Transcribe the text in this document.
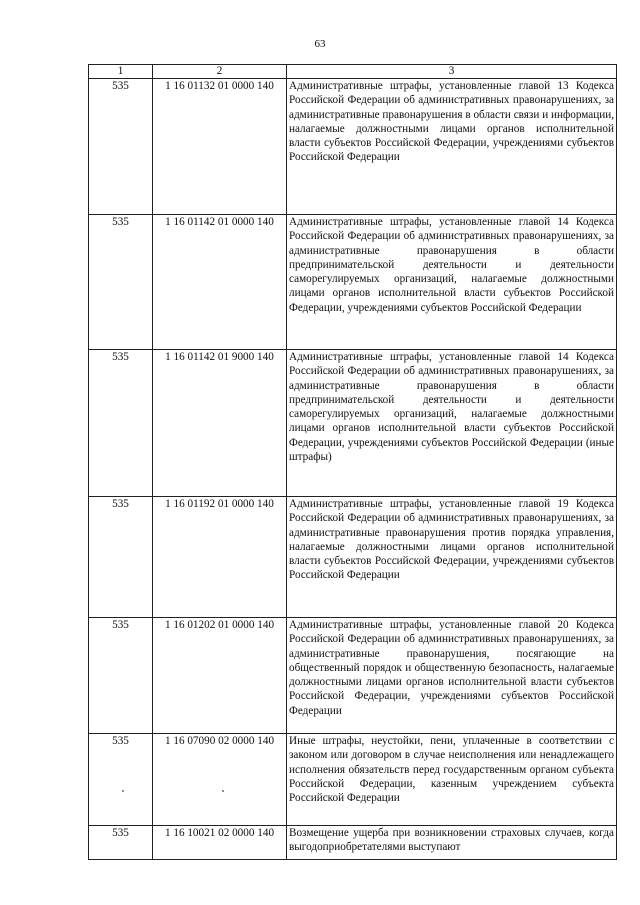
63
1	2	3
535	1 16 01132 01 0000 140	Административные штрафы, установленные главой 13 Кодекса Российской Федерации об административных правонарушениях, за административные правонарушения в области связи и информации, налагаемые должностными лицами органов исполнительной власти субъектов Российской Федерации, учреждениями субъектов Российской Федерации
535	1 16 01142 01 0000 140	Административные штрафы, установленные главой 14 Кодекса Российской Федерации об административных правонарушениях, за административные правонарушения в области предпринимательской деятельности и деятельности саморегулируемых организаций, налагаемые должностными лицами органов исполнительной власти субъектов Российской Федерации, учреждениями субъектов Российской Федерации
535	1 16 01142 01 9000 140	Административные штрафы, установленные главой 14 Кодекса Российской Федерации об административных правонарушениях, за административные правонарушения в области предпринимательской деятельности и деятельности саморегулируемых организаций, налагаемые должностными лицами органов исполнительной власти субъектов Российской Федерации, учреждениями субъектов Российской Федерации (иные штрафы)
535	1 16 01192 01 0000 140	Административные штрафы, установленные главой 19 Кодекса Российской Федерации об административных правонарушениях, за административные правонарушения против порядка управления, налагаемые должностными лицами органов исполнительной власти субъектов Российской Федерации, учреждениями субъектов Российской Федерации
535	1 16 01202 01 0000 140	Административные штрафы, установленные главой 20 Кодекса Российской Федерации об административных правонарушениях, за административные правонарушения, посягающие на общественный порядок и общественную безопасность, налагаемые должностными лицами органов исполнительной власти субъектов Российской Федерации, учреждениями субъектов Российской Федерации
535	1 16 07090 02 0000 140	Иные штрафы, неустойки, пени, уплаченные в соответствии с законом или договором в случае неисполнения или ненадлежащего исполнения обязательств перед государственным органом субъекта Российской Федерации, казенным учреждением субъекта Российской Федерации
535	1 16 10021 02 0000 140	Возмещение ущерба при возникновении страховых случаев, когда выгодоприобретателями выступают
